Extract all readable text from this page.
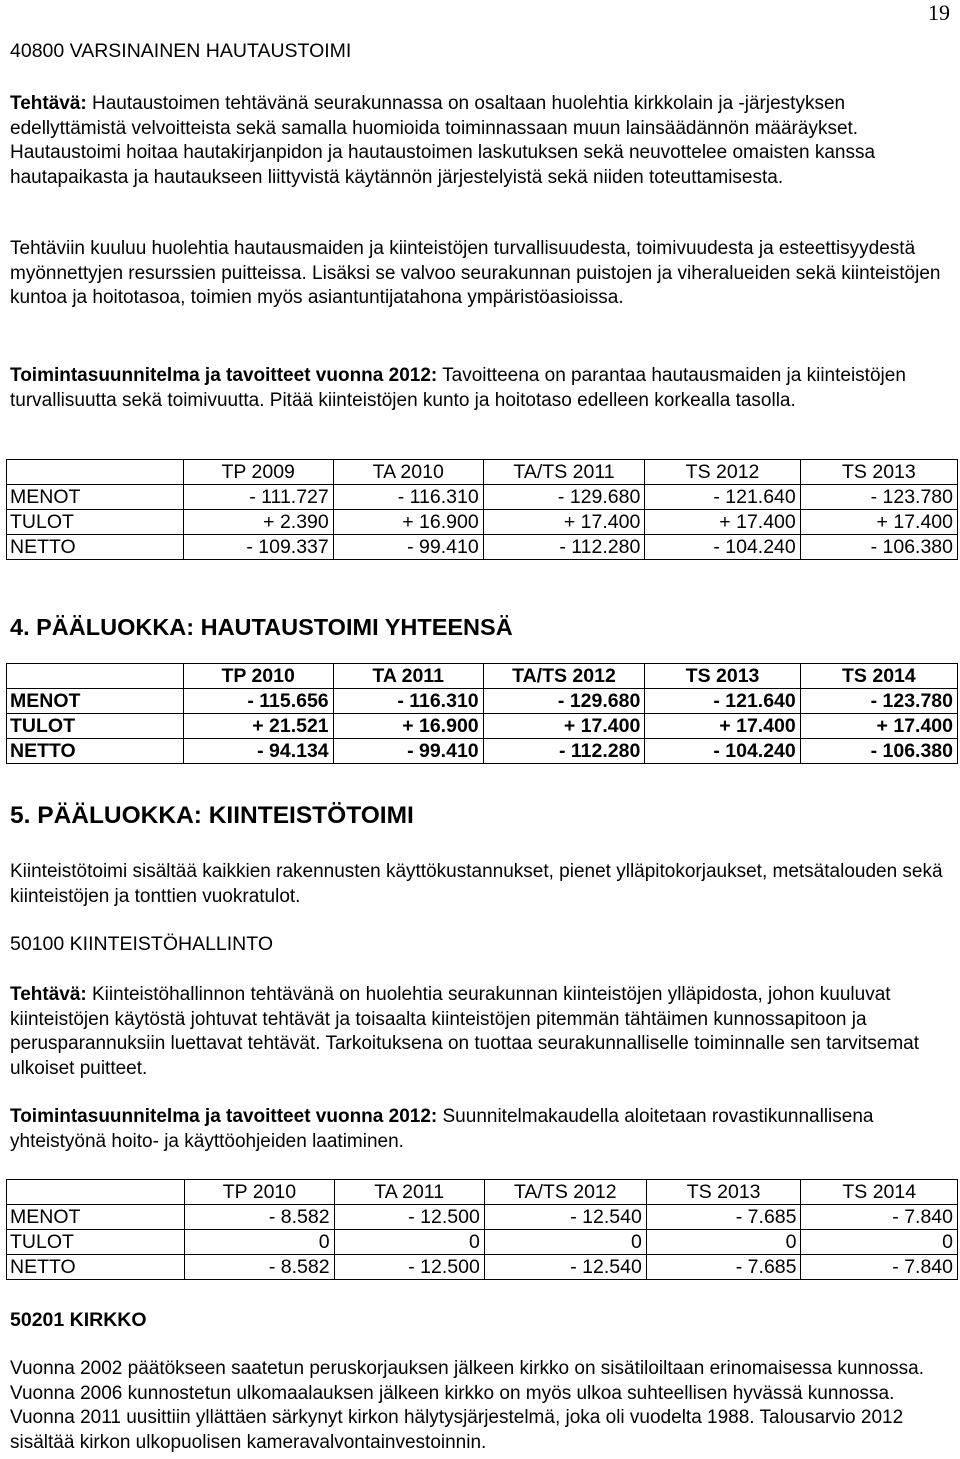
19
40800 VARSINAINEN HAUTAUSTOIMI

Tehtävä: Hautaustoimen tehtävänä seurakunnassa on osaltaan huolehtia kirkkolain ja -järjestyksen edellyttämistä velvoitteista sekä samalla huomioida toiminnassaan muun lainsäädännön määräykset. Hautaustoimi hoitaa hautakirjanpidon ja hautaustoimen laskutuksen sekä neuvottelee omaisten kanssa hautapaikasta ja hautaukseen liittyvistä käytännön järjestelyistä sekä niiden toteuttamisesta.

Tehtäviin kuuluu huolehtia hautausmaiden ja kiinteistöjen turvallisuudesta, toimivuudesta ja esteettisyydestä myönnettyjen resurssien puitteissa. Lisäksi se valvoo seurakunnan puistojen ja viheralueiden sekä kiinteistöjen kuntoa ja hoitotasoa, toimien myös asiantuntijatahona ympäristöasioissa.

Toimintasuunnitelma ja tavoitteet vuonna 2012: Tavoitteena on parantaa hautausmaiden ja kiinteistöjen turvallisuutta sekä toimivuutta. Pitää kiinteistöjen kunto ja hoitotaso edelleen korkealla tasolla.

	TP 2009	TA 2010	TA/TS 2011	TS 2012	TS 2013
MENOT	- 111.727	- 116.310	- 129.680	- 121.640	- 123.780
TULOT	+ 2.390	+ 16.900	+ 17.400	+ 17.400	+ 17.400
NETTO	- 109.337	- 99.410	- 112.280	- 104.240	- 106.380
4. PÄÄLUOKKA: HAUTAUSTOIMI YHTEENSÄ
	TP 2010	TA 2011	TA/TS 2012	TS 2013	TS 2014
MENOT	- 115.656	- 116.310	- 129.680	- 121.640	- 123.780
TULOT	+ 21.521	+ 16.900	+ 17.400	+ 17.400	+ 17.400
NETTO	- 94.134	- 99.410	- 112.280	- 104.240	- 106.380
5. PÄÄLUOKKA: KIINTEISTÖTOIMI

Kiinteistötoimi sisältää kaikkien rakennusten käyttökustannukset, pienet ylläpitokorjaukset, metsätalouden sekä kiinteistöjen ja tonttien vuokratulot.

50100 KIINTEISTÖHALLINTO

Tehtävä: Kiinteistöhallinnon tehtävänä on huolehtia seurakunnan kiinteistöjen ylläpidosta, johon kuuluvat kiinteistöjen käytöstä johtuvat tehtävät ja toisaalta kiinteistöjen pitemmän tähtäimen kunnossapitoon ja perusparannuksiin luettavat tehtävät. Tarkoituksena on tuottaa seurakunnalliselle toiminnalle sen tarvitsemat ulkoiset puitteet.

Toimintasuunnitelma ja tavoitteet vuonna 2012: Suunnitelmakaudella aloitetaan rovastikunnallisena yhteistyönä hoito- ja käyttöohjeiden laatiminen.

	TP 2010	TA 2011	TA/TS 2012	TS 2013	TS 2014
MENOT	- 8.582	- 12.500	- 12.540	- 7.685	- 7.840
TULOT	0	0	0	0	0
NETTO	- 8.582	- 12.500	- 12.540	- 7.685	- 7.840
50201 KIRKKO

Vuonna 2002 päätökseen saatetun peruskorjauksen jälkeen kirkko on sisätiloiltaan erinomaisessa kunnossa. Vuonna 2006 kunnostetun ulkomaalauksen jälkeen kirkko on myös ulkoa suhteellisen hyvässä kunnossa. Vuonna 2011 uusittiin yllättäen särkynyt kirkon hälytysjärjestelmä, joka oli vuodelta 1988. Talousarvio 2012 sisältää kirkon ulkopuolisen kameravalvontainvestoinnin.
